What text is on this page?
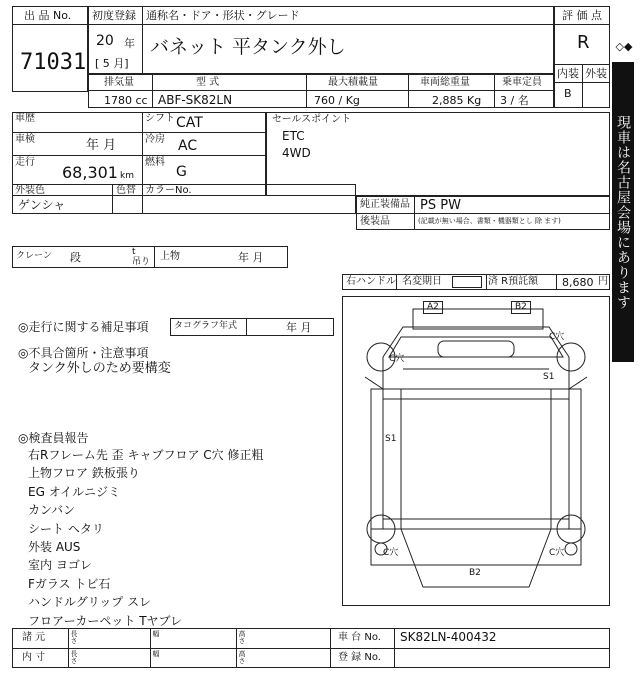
出 品 No.
71031
初度登録
20 年
[ 5 月]
通称名・ドア・形状・グレード
バネット 平タンク外し
評 価 点
R
内装 外装
B
◇◆
現車は名古屋会場にあります
◆◇
排気量	型 式	最大積載量	車両総重量	乗車定員
1780 cc ABF-SK82LN	760 / Kg	2,885 Kg 3 / 名
車歴	シフト CAT
車検	年 月	冷房 AC
走行
68,301 km
燃料
G
セールスポイント
ETC
4WD
外装色	色替 カラーNo.
ゲンシャ	純正装備品 PS PW
後装品	(記載が無い場合、書類・機器類とし 除 ます)
クレーン 段	t
吊り 上物	年 月
右ハンドル 名変期日	済 R預託額 8,680 円
◎走行に関する補足事項	タコグラフ年式	年 月
◎不具合箇所・注意事項
タンク外しのため要構変
◎検査員報告
右Rフレーム先 歪 キャブフロア C穴 修正粗
上物フロア 鉄板張り
EG オイルニジミ
カンバン
シート ヘタリ
外装 AUS
室内 ヨゴレ
Fガラス トビ石
ハンドルグリップ スレ
フロアーカーペット Tヤブレ
A2	B2
C穴
C穴
S1
S1
C穴	C穴
B2
諸 元
内 寸
長さ	幅	高さ
長さ	幅	高さ
車 台 No. SK82LN-400432
登 録 No.
